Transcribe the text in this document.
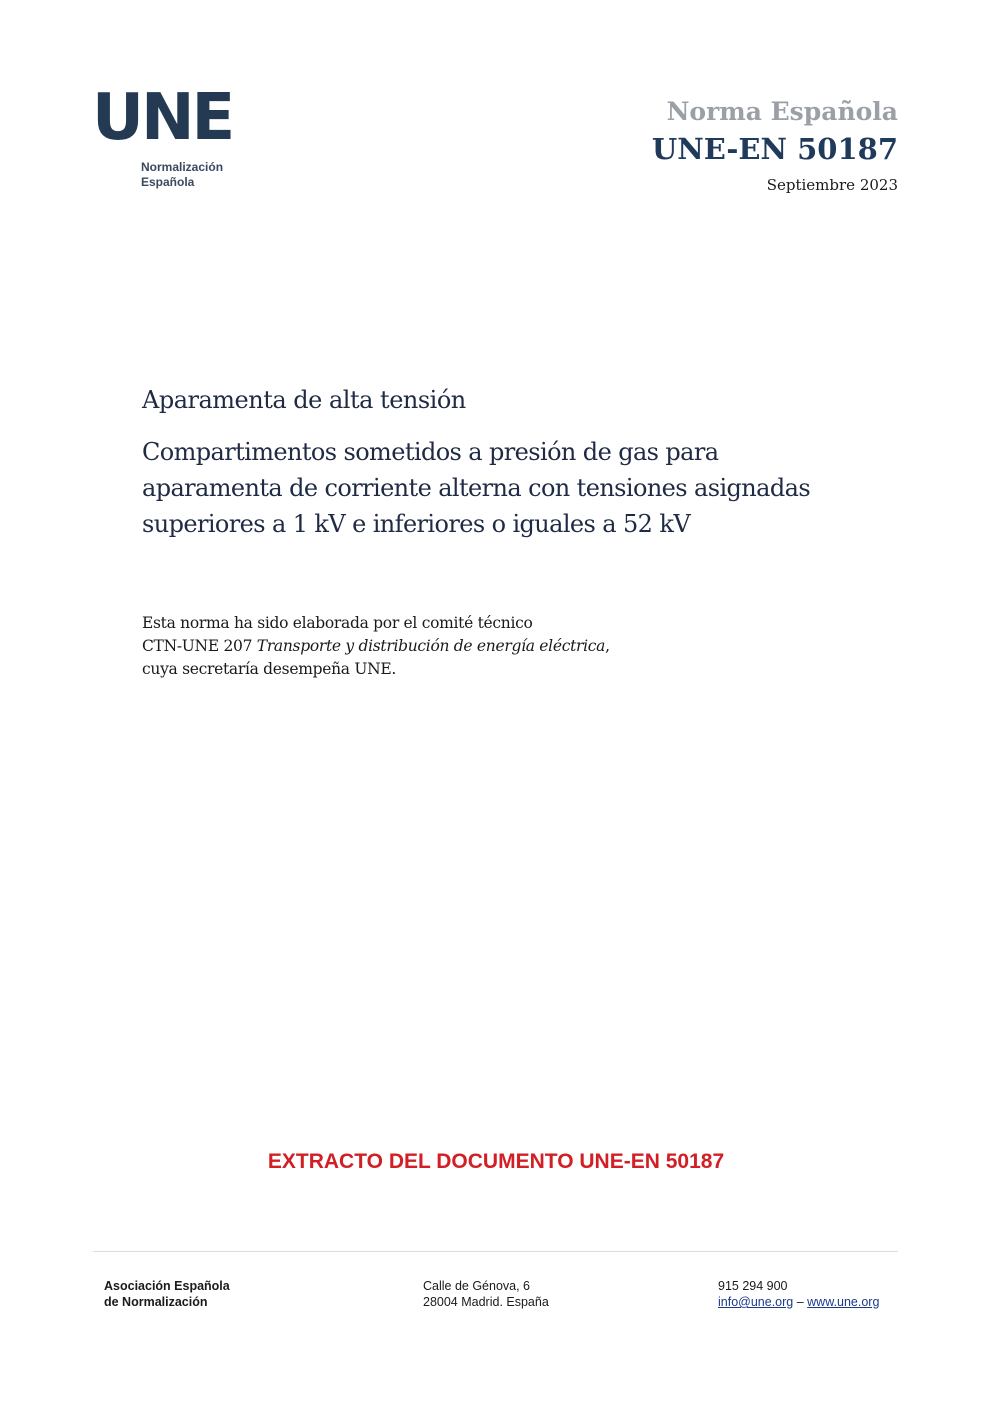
UNE
Normalización
Española
Norma Española
UNE-EN 50187
Septiembre 2023
Aparamenta de alta tensión
Compartimentos sometidos a presión de gas para
aparamenta de corriente alterna con tensiones asignadas
superiores a 1 kV e inferiores o iguales a 52 kV
Esta norma ha sido elaborada por el comité técnico
CTN-UNE 207 Transporte y distribución de energía eléctrica,
cuya secretaría desempeña UNE.
EXTRACTO DEL DOCUMENTO UNE-EN 50187
Asociación Española
de Normalización
Calle de Génova, 6
28004 Madrid. España
915 294 900
info@une.org – www.une.org
